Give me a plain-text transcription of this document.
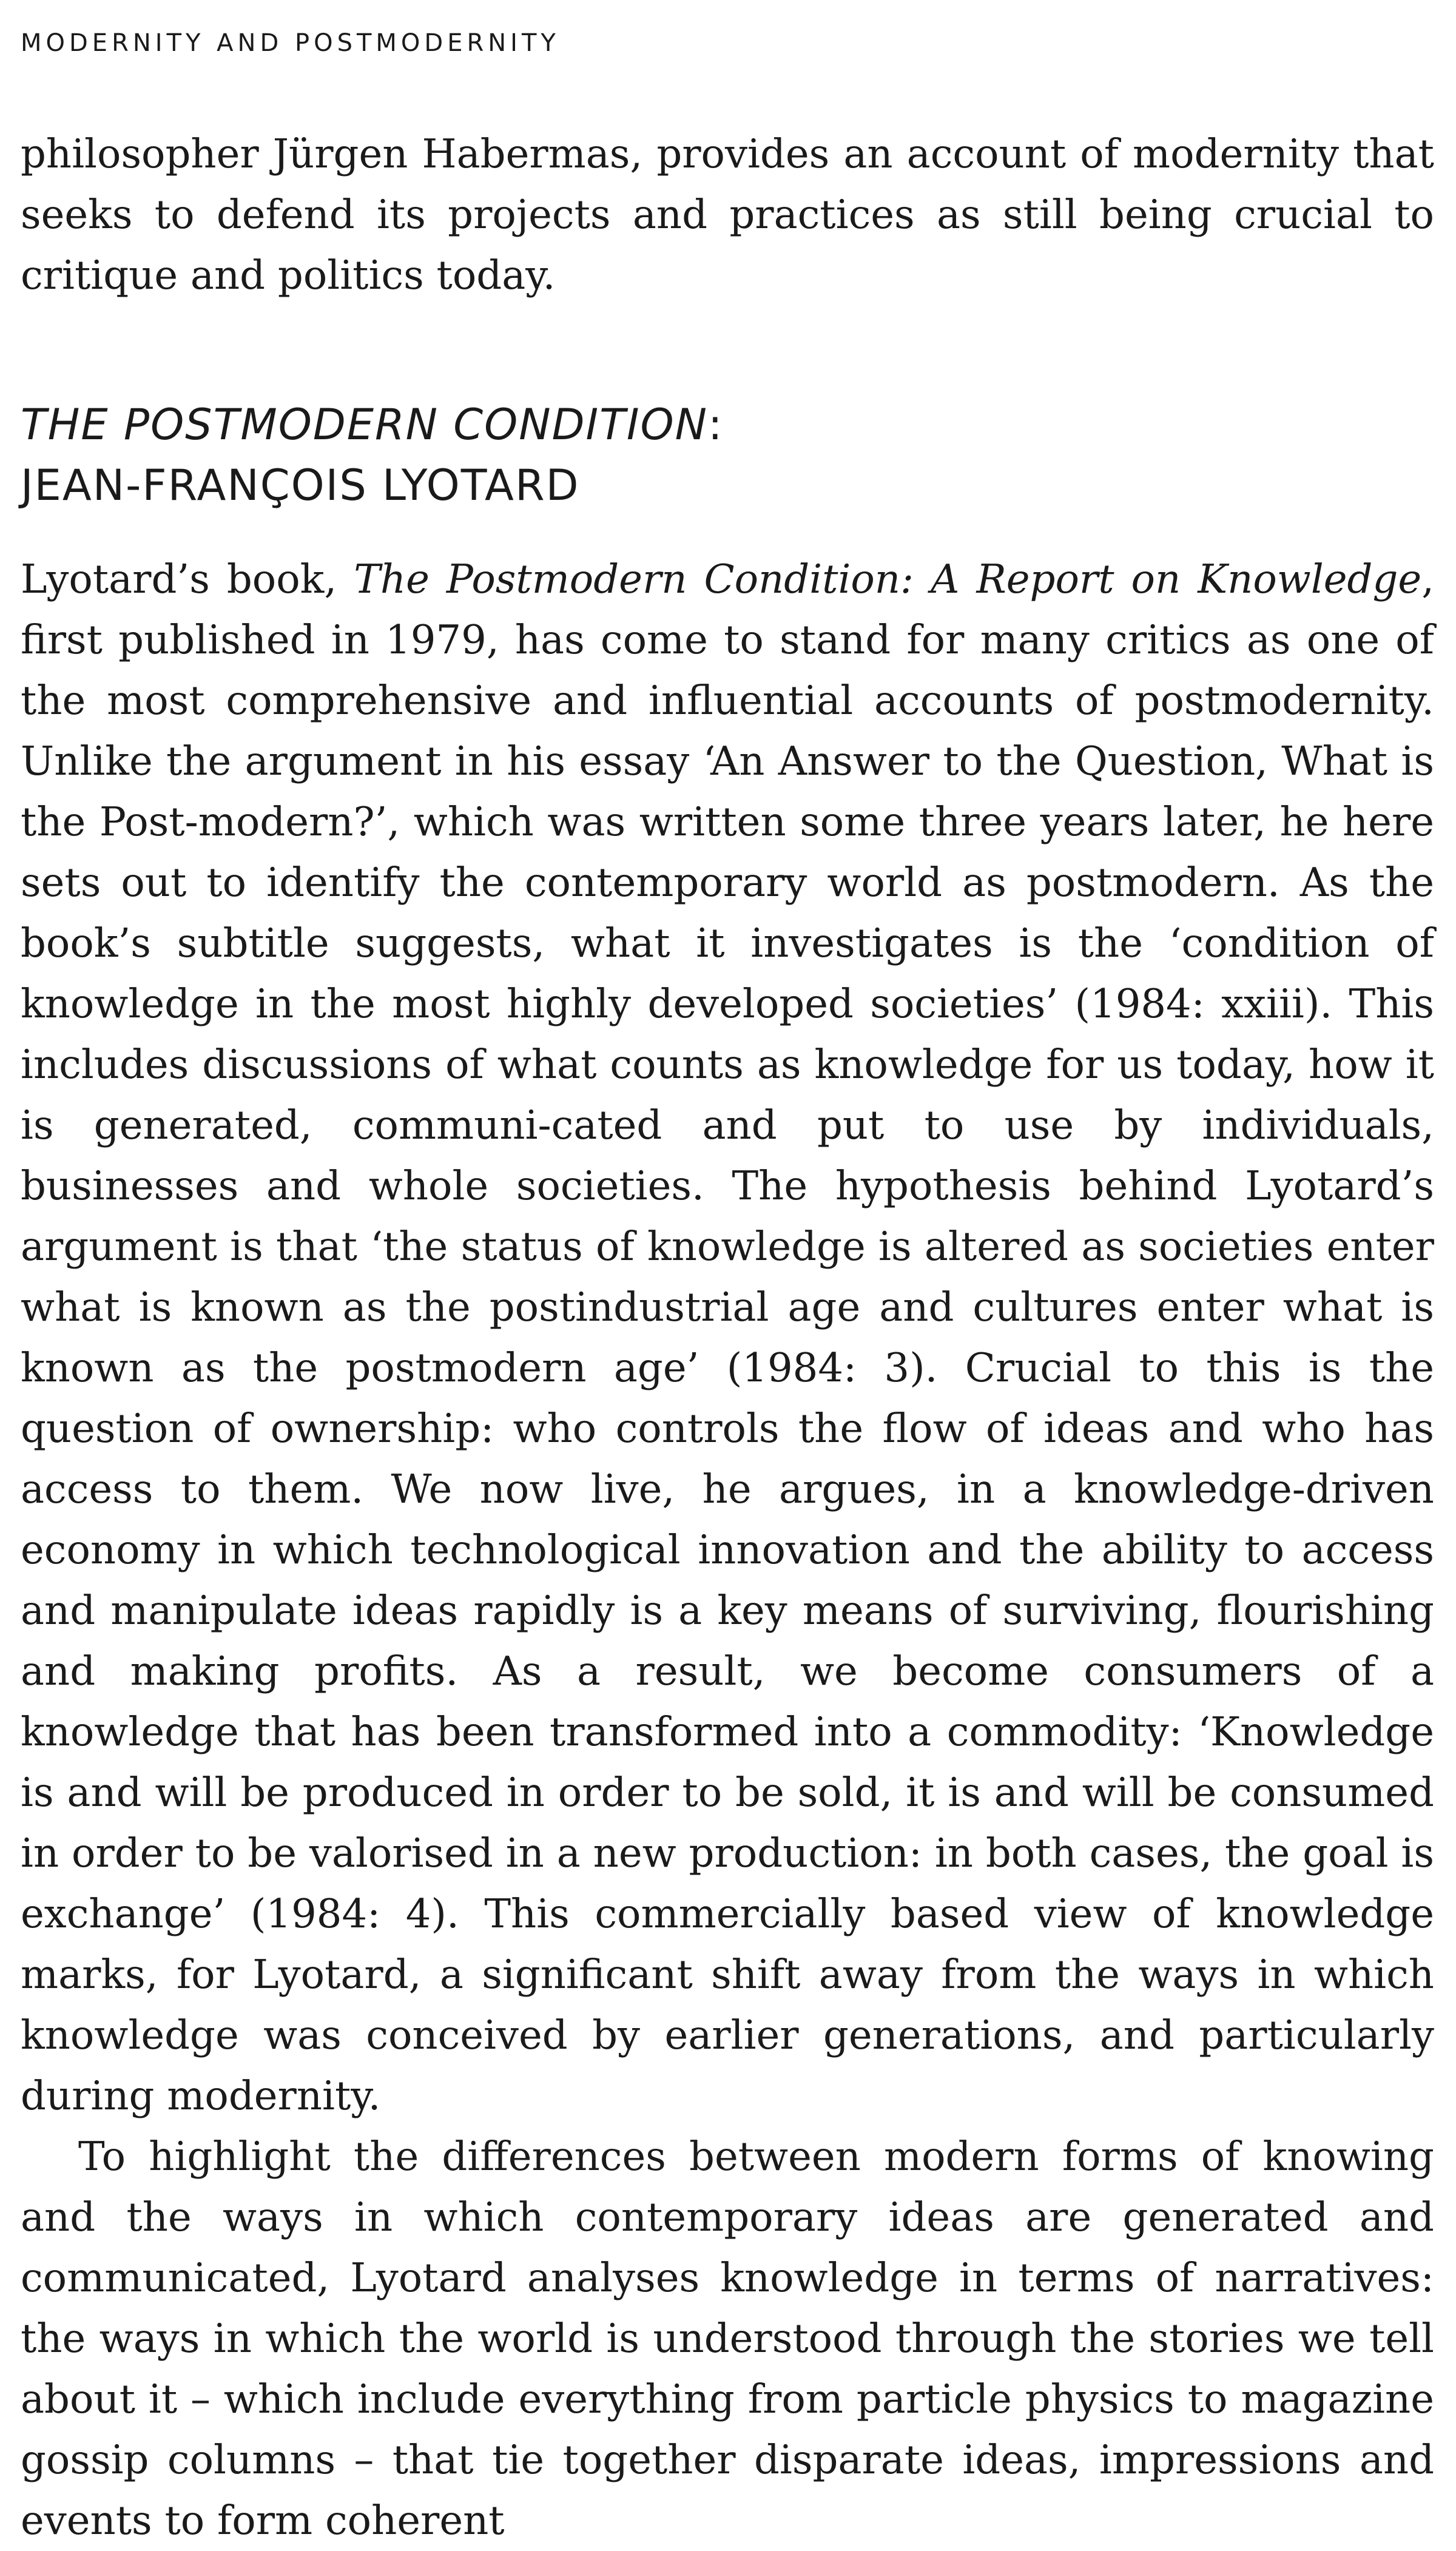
MODERNITY AND POSTMODERNITY

philosopher Jürgen Habermas, provides an account of modernity that seeks to defend its projects and practices as still being crucial to critique and politics today.

THE POSTMODERN CONDITION:
JEAN-FRANÇOIS LYOTARD

Lyotard’s book, The Postmodern Condition: A Report on Knowledge, first published in 1979, has come to stand for many critics as one of the most comprehensive and influential accounts of postmodernity. Unlike the argument in his essay ‘An Answer to the Question, What is the Post-modern?’, which was written some three years later, he here sets out to identify the contemporary world as postmodern. As the book’s subtitle suggests, what it investigates is the ‘condition of knowledge in the most highly developed societies’ (1984: xxiii). This includes discussions of what counts as knowledge for us today, how it is generated, communi-cated and put to use by individuals, businesses and whole societies. The hypothesis behind Lyotard’s argument is that ‘the status of knowledge is altered as societies enter what is known as the postindustrial age and cultures enter what is known as the postmodern age’ (1984: 3). Crucial to this is the question of ownership: who controls the flow of ideas and who has access to them. We now live, he argues, in a knowledge-driven economy in which technological innovation and the ability to access and manipulate ideas rapidly is a key means of surviving, flourishing and making profits. As a result, we become consumers of a knowledge that has been transformed into a commodity: ‘Knowledge is and will be produced in order to be sold, it is and will be consumed in order to be valorised in a new production: in both cases, the goal is exchange’ (1984: 4). This commercially based view of knowledge marks, for Lyotard, a significant shift away from the ways in which knowledge was conceived by earlier generations, and particularly during modernity.

To highlight the differences between modern forms of knowing and the ways in which contemporary ideas are generated and communicated, Lyotard analyses knowledge in terms of narratives: the ways in which the world is understood through the stories we tell about it – which include everything from particle physics to magazine gossip columns – that tie together disparate ideas, impressions and events to form coherent
